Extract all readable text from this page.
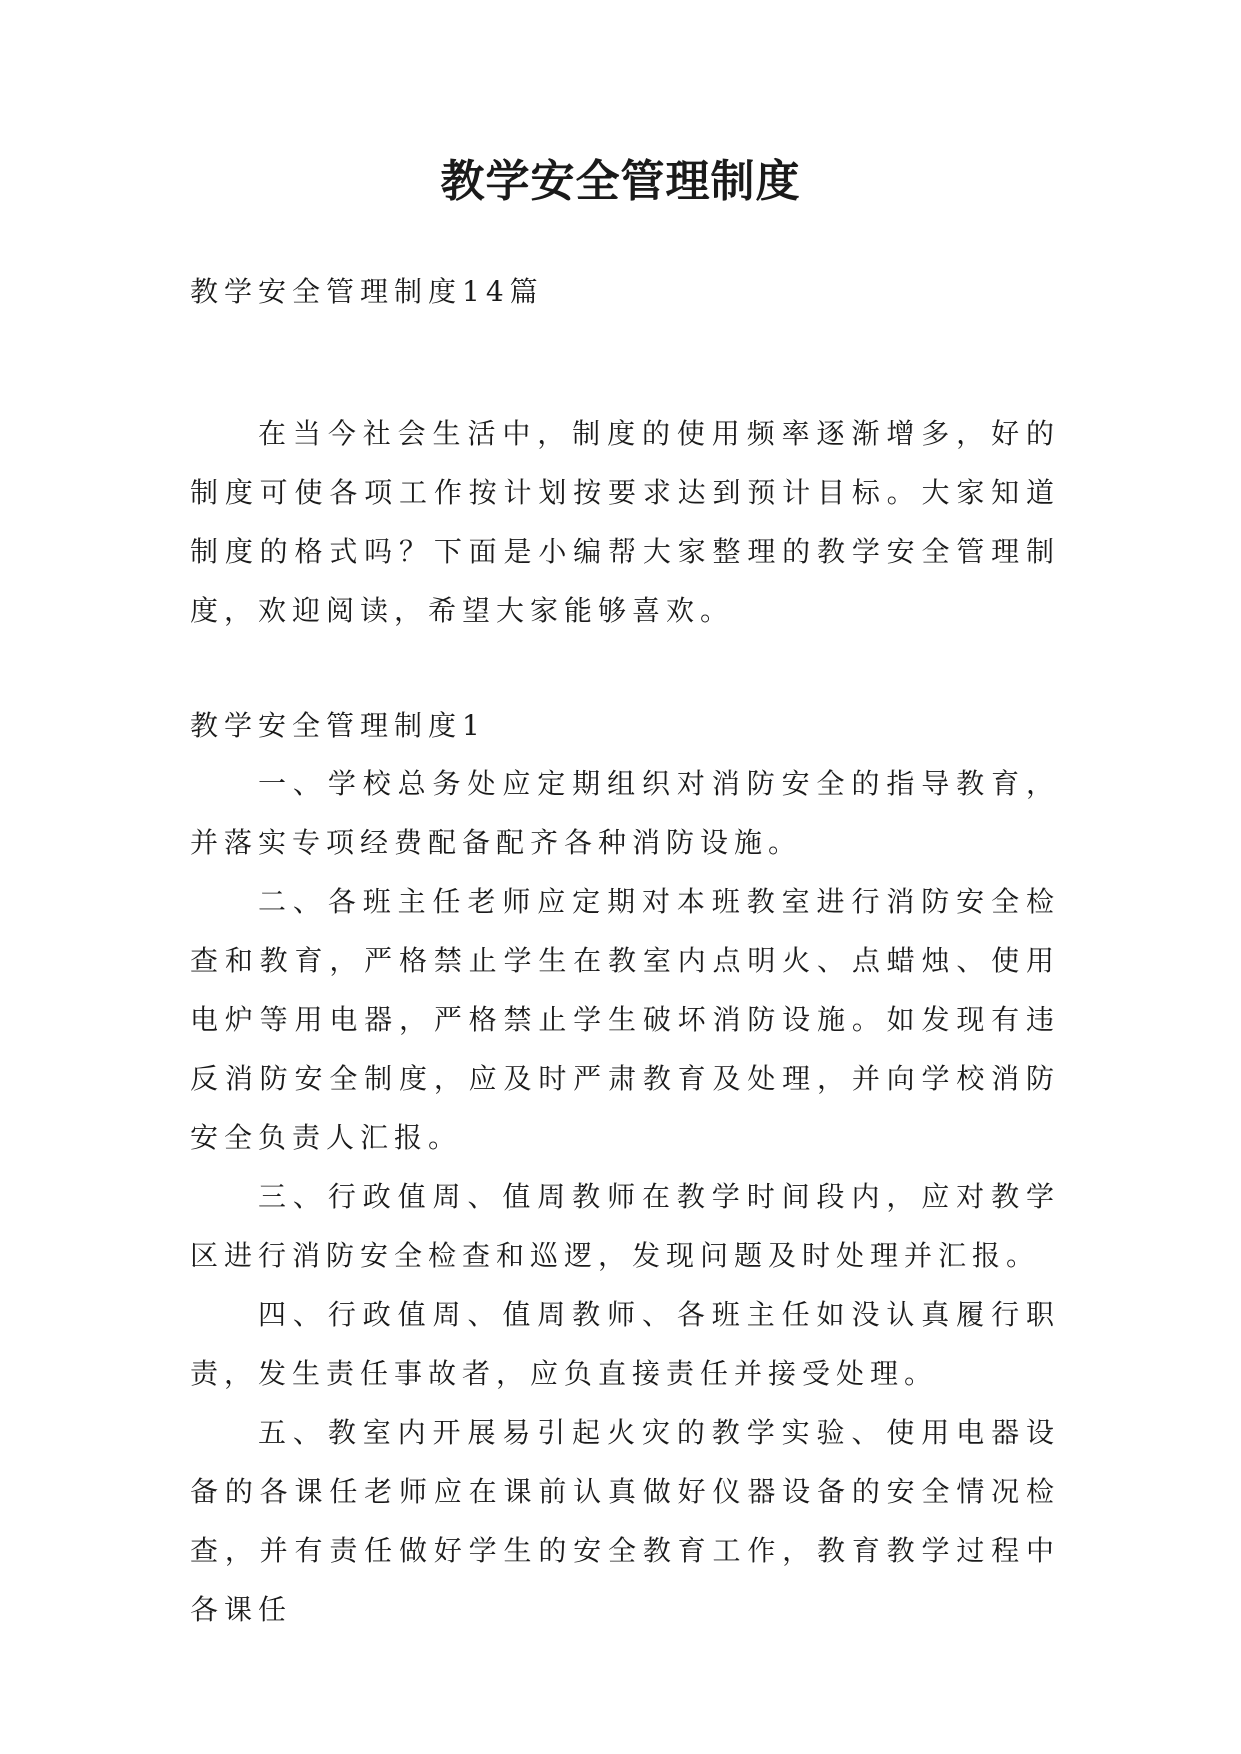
教学安全管理制度

教学安全管理制度14篇

在当今社会生活中，制度的使用频率逐渐增多，好的制度可使各项工作按计划按要求达到预计目标。大家知道制度的格式吗？下面是小编帮大家整理的教学安全管理制度，欢迎阅读，希望大家能够喜欢。

教学安全管理制度1

一、学校总务处应定期组织对消防安全的指导教育，并落实专项经费配备配齐各种消防设施。

二、各班主任老师应定期对本班教室进行消防安全检查和教育，严格禁止学生在教室内点明火、点蜡烛、使用电炉等用电器，严格禁止学生破坏消防设施。如发现有违反消防安全制度，应及时严肃教育及处理，并向学校消防安全负责人汇报。

三、行政值周、值周教师在教学时间段内，应对教学区进行消防安全检查和巡逻，发现问题及时处理并汇报。

四、行政值周、值周教师、各班主任如没认真履行职责，发生责任事故者，应负直接责任并接受处理。

五、教室内开展易引起火灾的教学实验、使用电器设备的各课任老师应在课前认真做好仪器设备的安全情况检查，并有责任做好学生的安全教育工作，教育教学过程中各课任
